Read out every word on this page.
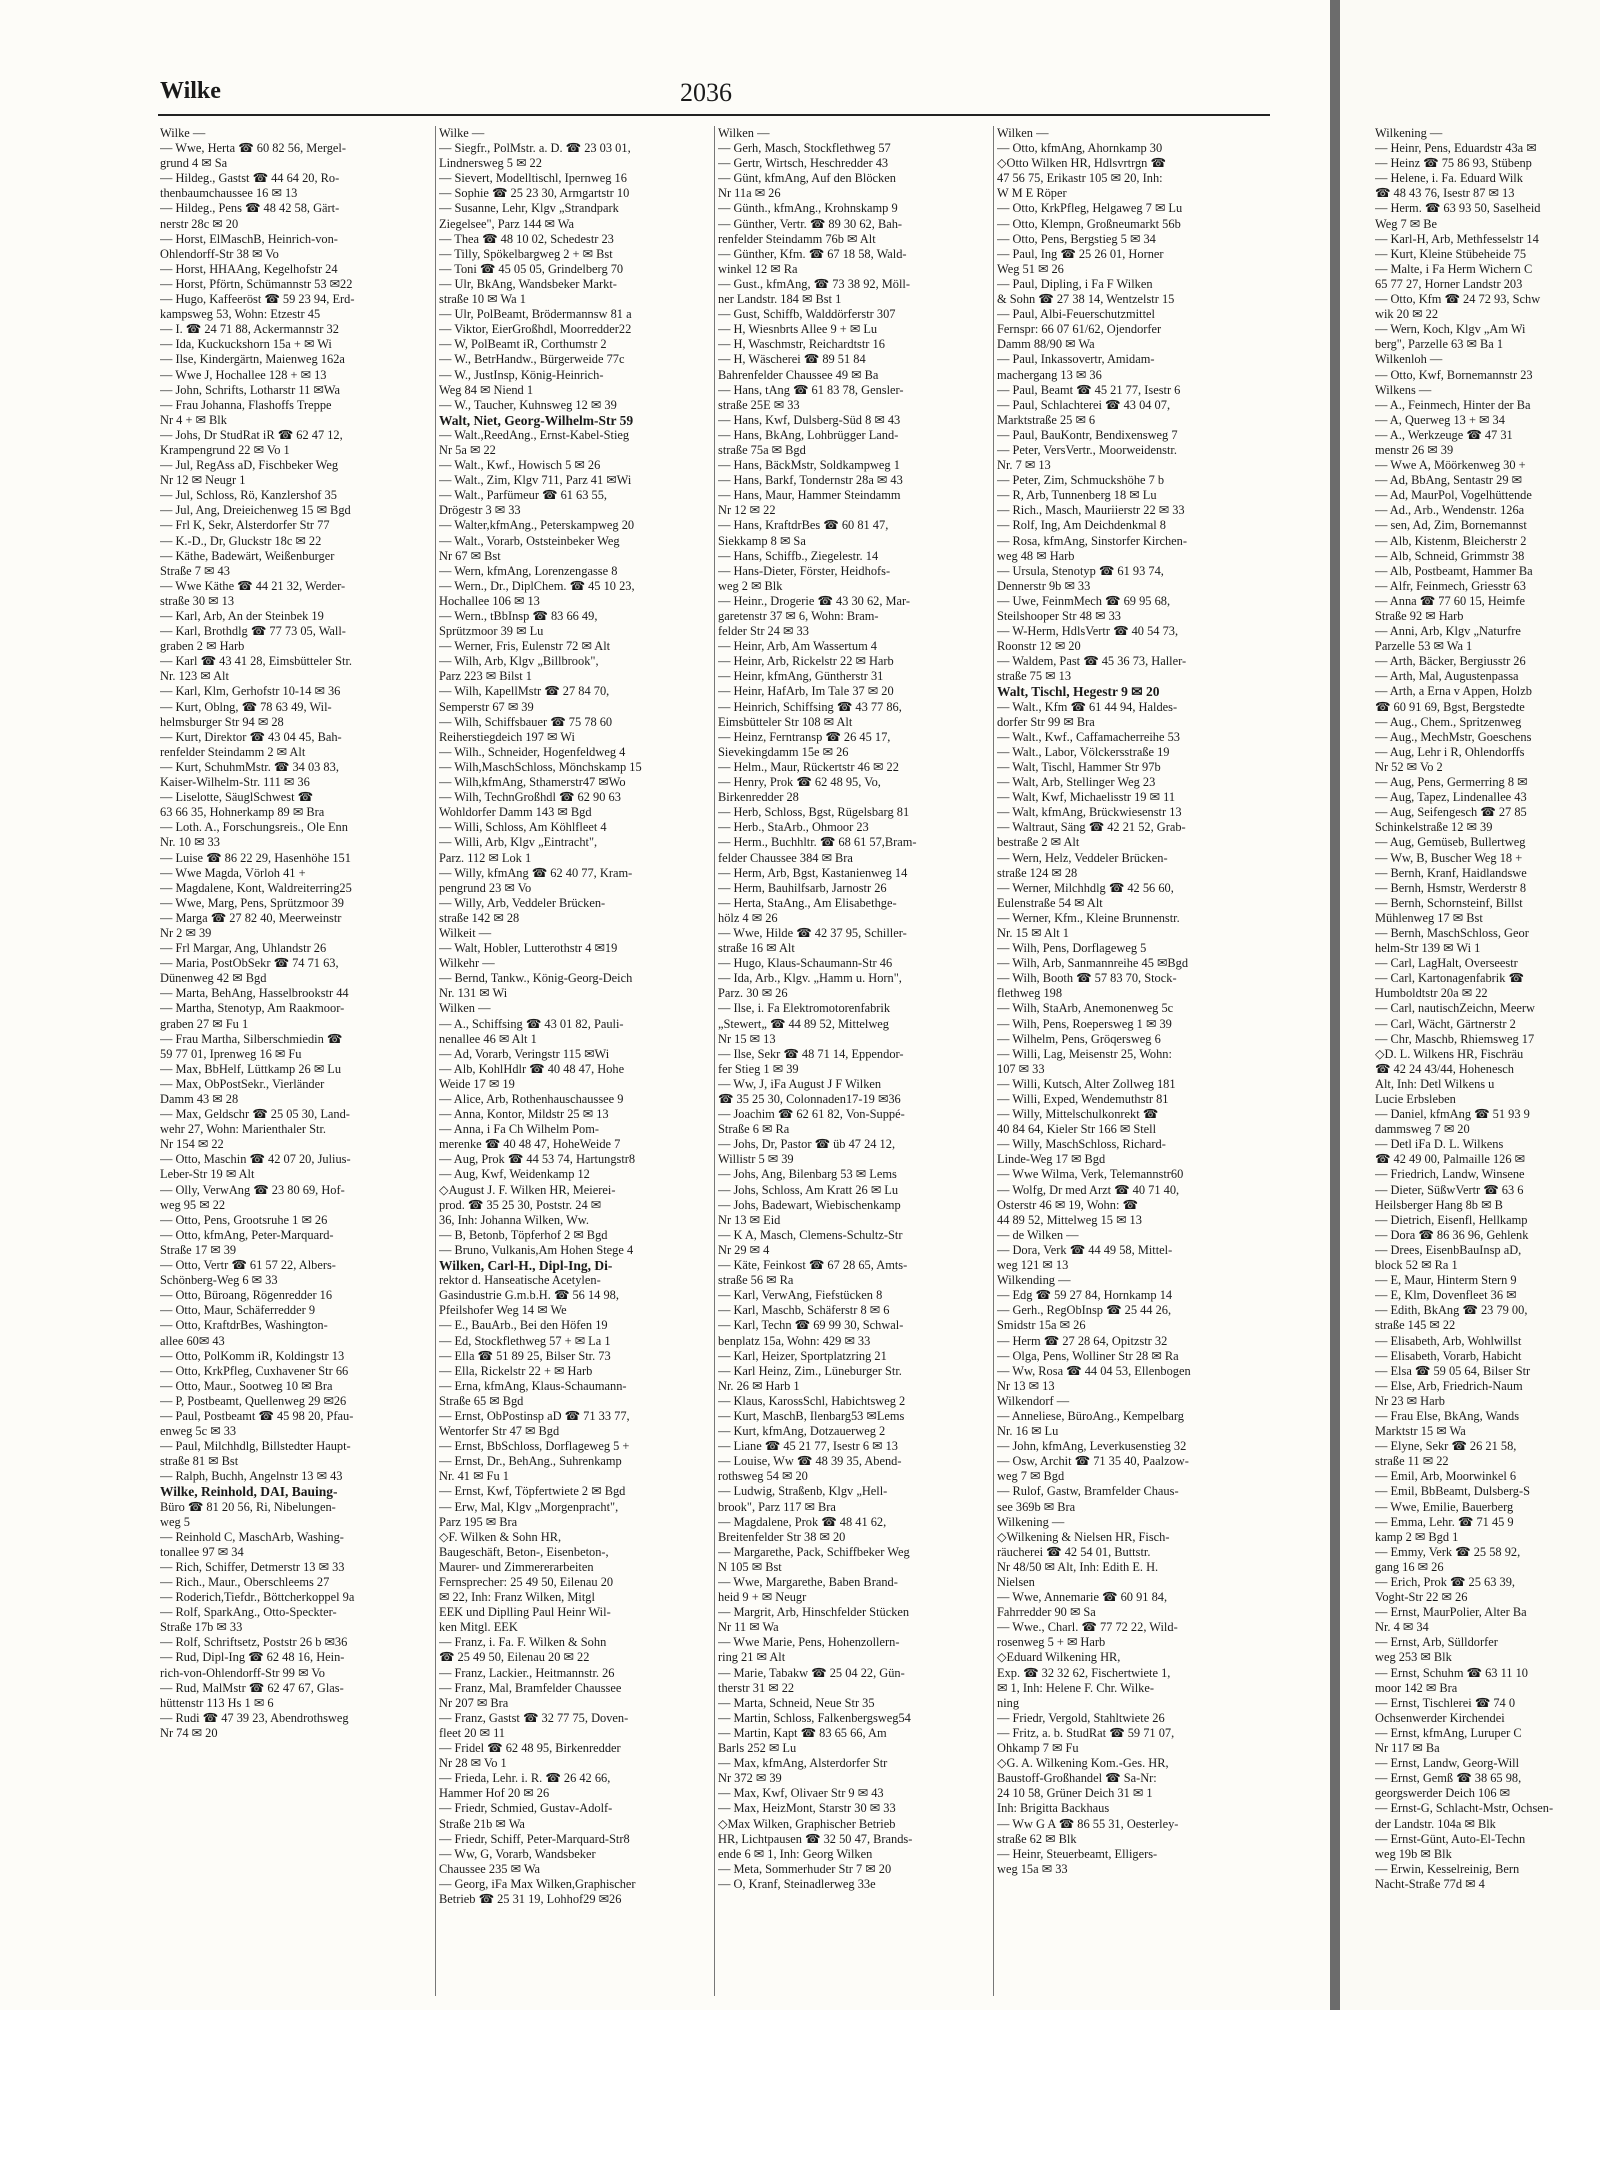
Wilke	2036
Wilke —
— Wwe, Herta ☎ 60 82 56, Mergel-
grund 4 ✉ Sa
— Hildeg., Gastst ☎ 44 64 20, Ro-
thenbaumchaussee 16 ✉ 13
— Hildeg., Pens ☎ 48 42 58, Gärt-
nerstr 28c ✉ 20
— Horst, ElMaschB, Heinrich-von-
Ohlendorff-Str 38 ✉ Vo
— Horst, HHAAng, Kegelhofstr 24
— Horst, Pförtn, Schümannstr 53 ✉22
— Hugo, Kaffeeröst ☎ 59 23 94, Erd-
kampsweg 53, Wohn: Etzestr 45
— I. ☎ 24 71 88, Ackermannstr 32
— Ida, Kuckuckshorn 15a + ✉ Wi
— Ilse, Kindergärtn, Maienweg 162a
— Wwe J, Hochallee 128 + ✉ 13
— John, Schrifts, Lotharstr 11 ✉Wa
— Frau Johanna, Flashoffs Treppe
Nr 4 + ✉ Blk
— Johs, Dr StudRat iR ☎ 62 47 12,
Krampengrund 22 ✉ Vo 1
— Jul, RegAss aD, Fischbeker Weg
Nr 12 ✉ Neugr 1
— Jul, Schloss, Rö, Kanzlershof 35
— Jul, Ang, Dreieichenweg 15 ✉ Bgd
— Frl K, Sekr, Alsterdorfer Str 77
— K.-D., Dr, Gluckstr 18c ✉ 22
— Käthe, Badewärt, Weißenburger
Straße 7 ✉ 43
— Wwe Käthe ☎ 44 21 32, Werder-
straße 30 ✉ 13
— Karl, Arb, An der Steinbek 19
— Karl, Brothdlg ☎ 77 73 05, Wall-
graben 2 ✉ Harb
— Karl ☎ 43 41 28, Eimsbütteler Str.
Nr. 123 ✉ Alt
— Karl, Klm, Gerhofstr 10-14 ✉ 36
— Kurt, Oblng, ☎ 78 63 49, Wil-
helmsburger Str 94 ✉ 28
— Kurt, Direktor ☎ 43 04 45, Bah-
renfelder Steindamm 2 ✉ Alt
— Kurt, SchuhmMstr. ☎ 34 03 83,
Kaiser-Wilhelm-Str. 111 ✉ 36
— Liselotte, SäuglSchwest ☎
63 66 35, Hohnerkamp 89 ✉ Bra
— Loth. A., Forschungsreis., Ole Enn
Nr. 10 ✉ 33
— Luise ☎ 86 22 29, Hasenhöhe 151
— Wwe Magda, Vörloh 41 +
— Magdalene, Kont, Waldreiterring25
— Wwe, Marg, Pens, Sprützmoor 39
— Marga ☎ 27 82 40, Meerweinstr
Nr 2 ✉ 39
— Frl Margar, Ang, Uhlandstr 26
— Maria, PostObSekr ☎ 74 71 63,
Dünenweg 42 ✉ Bgd
— Marta, BehAng, Hasselbrookstr 44
— Martha, Stenotyp, Am Raakmoor-
graben 27 ✉ Fu 1
— Frau Martha, Silberschmiedin ☎
59 77 01, Iprenweg 16 ✉ Fu
— Max, BbHelf, Lüttkamp 26 ✉ Lu
— Max, ObPostSekr., Vierländer
Damm 43 ✉ 28
— Max, Geldschr ☎ 25 05 30, Land-
wehr 27, Wohn: Marienthaler Str.
Nr 154 ✉ 22
— Otto, Maschin ☎ 42 07 20, Julius-
Leber-Str 19 ✉ Alt
— Olly, VerwAng ☎ 23 80 69, Hof-
weg 95 ✉ 22
— Otto, Pens, Grootsruhe 1 ✉ 26
— Otto, kfmAng, Peter-Marquard-
Straße 17 ✉ 39
— Otto, Vertr ☎ 61 57 22, Albers-
Schönberg-Weg 6 ✉ 33
— Otto, Büroang, Rögenredder 16
— Otto, Maur, Schäferredder 9
— Otto, KraftdrBes, Washington-
allee 60✉ 43
— Otto, PolKomm iR, Koldingstr 13
— Otto, KrkPfleg, Cuxhavener Str 66
— Otto, Maur., Sootweg 10 ✉ Bra
— P, Postbeamt, Quellenweg 29 ✉26
— Paul, Postbeamt ☎ 45 98 20, Pfau-
enweg 5c ✉ 33
— Paul, Milchhdlg, Billstedter Haupt-
straße 81 ✉ Bst
— Ralph, Buchh, Angelnstr 13 ✉ 43
Wilke, Reinhold, DAI, Bauing-
Büro ☎ 81 20 56, Ri, Nibelungen-
weg 5
— Reinhold C, MaschArb, Washing-
tonallee 97 ✉ 34
— Rich, Schiffer, Detmerstr 13 ✉ 33
— Rich., Maur., Oberschleems 27
— Roderich,Tiefdr., Böttcherkoppel 9a
— Rolf, SparkAng., Otto-Speckter-
Straße 17b ✉ 33
— Rolf, Schriftsetz, Poststr 26 b ✉36
— Rud, Dipl-Ing ☎ 62 48 16, Hein-
rich-von-Ohlendorff-Str 99 ✉ Vo
— Rud, MalMstr ☎ 62 47 67, Glas-
hüttenstr 113 Hs 1 ✉ 6
— Rudi ☎ 47 39 23, Abendrothsweg
Nr 74 ✉ 20
Wilke —
— Siegfr., PolMstr. a. D. ☎ 23 03 01,
Lindnersweg 5 ✉ 22
— Sievert, Modelltischl, Ipernweg 16
— Sophie ☎ 25 23 30, Armgartstr 10
— Susanne, Lehr, Klgv „Strandpark
Ziegelsee", Parz 144 ✉ Wa
— Thea ☎ 48 10 02, Schedestr 23
— Tilly, Spökelbargweg 2 + ✉ Bst
— Toni ☎ 45 05 05, Grindelberg 70
— Ulr, BkAng, Wandsbeker Markt-
straße 10 ✉ Wa 1
— Ulr, PolBeamt, Brödermannsw 81 a
— Viktor, EierGroßhdl, Moorredder22
— W, PolBeamt iR, Corthumstr 2
— W., BetrHandw., Bürgerweide 77c
— W., JustInsp, König-Heinrich-
Weg 84 ✉ Niend 1
— W., Taucher, Kuhnsweg 12 ✉ 39
Walt, Niet, Georg-Wilhelm-Str 59
— Walt.,ReedAng., Ernst-Kabel-Stieg
Nr 5a ✉ 22
— Walt., Kwf., Howisch 5 ✉ 26
— Walt., Zim, Klgv 711, Parz 41 ✉Wi
— Walt., Parfümeur ☎ 61 63 55,
Drögestr 3 ✉ 33
— Walter,kfmAng., Peterskampweg 20
— Walt., Vorarb, Oststeinbeker Weg
Nr 67 ✉ Bst
— Wern, kfmAng, Lorenzengasse 8
— Wern., Dr., DiplChem. ☎ 45 10 23,
Hochallee 106 ✉ 13
— Wern., tBbInsp ☎ 83 66 49,
Sprützmoor 39 ✉ Lu
— Werner, Fris, Eulenstr 72 ✉ Alt
— Wilh, Arb, Klgv „Billbrook",
Parz 223 ✉ Bilst 1
— Wilh, KapellMstr ☎ 27 84 70,
Semperstr 67 ✉ 39
— Wilh, Schiffsbauer ☎ 75 78 60
Reiherstiegdeich 197 ✉ Wi
— Wilh., Schneider, Hogenfeldweg 4
— Wilh,MaschSchloss, Mönchskamp 15
— Wilh,kfmAng, Sthamerstr47 ✉Wo
— Wilh, TechnGroßhdl ☎ 62 90 63
Wohldorfer Damm 143 ✉ Bgd
— Willi, Schloss, Am Köhlfleet 4
— Willi, Arb, Klgv „Eintracht",
Parz. 112 ✉ Lok 1
— Willy, kfmAng ☎ 62 40 77, Kram-
pengrund 23 ✉ Vo
— Willy, Arb, Veddeler Brücken-
straße 142 ✉ 28
Wilkeit —
— Walt, Hobler, Lutterothstr 4 ✉19
Wilkehr —
— Bernd, Tankw., König-Georg-Deich
Nr. 131 ✉ Wi
Wilken —
— A., Schiffsing ☎ 43 01 82, Pauli-
nenallee 46 ✉ Alt 1
— Ad, Vorarb, Veringstr 115 ✉Wi
— Alb, KohlHdlr ☎ 40 48 47, Hohe
Weide 17 ✉ 19
— Alice, Arb, Rothenhauschaussee 9
— Anna, Kontor, Mildstr 25 ✉ 13
— Anna, i Fa Ch Wilhelm Pom-
merenke ☎ 40 48 47, HoheWeide 7
— Aug, Prok ☎ 44 53 74, Hartungstr8
— Aug, Kwf, Weidenkamp 12
◇August J. F. Wilken HR, Meierei-
prod. ☎ 35 25 30, Poststr. 24 ✉
36, Inh: Johanna Wilken, Ww.
— B, Betonb, Töpferhof 2 ✉ Bgd
— Bruno, Vulkanis,Am Hohen Stege 4
Wilken, Carl-H., Dipl-Ing, Di-
rektor d. Hanseatische Acetylen-
Gasindustrie G.m.b.H. ☎ 56 14 98,
Pfeilshofer Weg 14 ✉ We
— E., BauArb., Bei den Höfen 19
— Ed, Stockflethweg 57 + ✉ La 1
— Ella ☎ 51 89 25, Bilser Str. 73
— Ella, Rickelstr 22 + ✉ Harb
— Erna, kfmAng, Klaus-Schaumann-
Straße 65 ✉ Bgd
— Ernst, ObPostinsp aD ☎ 71 33 77,
Wentorfer Str 47 ✉ Bgd
— Ernst, BbSchloss, Dorflageweg 5 +
— Ernst, Dr., BehAng., Suhrenkamp
Nr. 41 ✉ Fu 1
— Ernst, Kwf, Töpfertwiete 2 ✉ Bgd
— Erw, Mal, Klgv „Morgenpracht",
Parz 195 ✉ Bra
◇F. Wilken & Sohn HR,
Baugeschäft, Beton-, Eisenbeton-,
Maurer- und Zimmererarbeiten
Fernsprecher: 25 49 50, Eilenau 20
✉ 22, Inh: Franz Wilken, Mitgl
EEK und Diplling Paul Heinr Wil-
ken Mitgl. EEK
— Franz, i. Fa. F. Wilken & Sohn
☎ 25 49 50, Eilenau 20 ✉ 22
— Franz, Lackier., Heitmannstr. 26
— Franz, Mal, Bramfelder Chaussee
Nr 207 ✉ Bra
— Franz, Gastst ☎ 32 77 75, Doven-
fleet 20 ✉ 11
— Fridel ☎ 62 48 95, Birkenredder
Nr 28 ✉ Vo 1
— Frieda, Lehr. i. R. ☎ 26 42 66,
Hammer Hof 20 ✉ 26
— Friedr, Schmied, Gustav-Adolf-
Straße 21b ✉ Wa
— Friedr, Schiff, Peter-Marquard-Str8
— Ww, G, Vorarb, Wandsbeker
Chaussee 235 ✉ Wa
— Georg, iFa Max Wilken,Graphischer
Betrieb ☎ 25 31 19, Lohhof29 ✉26
Wilken —
— Gerh, Masch, Stockflethweg 57
— Gertr, Wirtsch, Heschredder 43
— Günt, kfmAng, Auf den Blöcken
Nr 11a ✉ 26
— Günth., kfmAng., Krohnskamp 9
— Günther, Vertr. ☎ 89 30 62, Bah-
renfelder Steindamm 76b ✉ Alt
— Günther, Kfm. ☎ 67 18 58, Wald-
winkel 12 ✉ Ra
— Gust., kfmAng, ☎ 73 38 92, Möll-
ner Landstr. 184 ✉ Bst 1
— Gust, Schiffb, Walddörferstr 307
— H, Wiesnbrts Allee 9 + ✉ Lu
— H, Waschmstr, Reichardtstr 16
— H, Wäscherei ☎ 89 51 84
Bahrenfelder Chaussee 49 ✉ Ba
— Hans, tAng ☎ 61 83 78, Gensler-
straße 25E ✉ 33
— Hans, Kwf, Dulsberg-Süd 8 ✉ 43
— Hans, BkAng, Lohbrügger Land-
straße 75a ✉ Bgd
— Hans, BäckMstr, Soldkampweg 1
— Hans, Barkf, Tondernstr 28a ✉ 43
— Hans, Maur, Hammer Steindamm
Nr 12 ✉ 22
— Hans, KraftdrBes ☎ 60 81 47,
Siekkamp 8 ✉ Sa
— Hans, Schiffb., Ziegelestr. 14
— Hans-Dieter, Förster, Heidhofs-
weg 2 ✉ Blk
— Heinr., Drogerie ☎ 43 30 62, Mar-
garetenstr 37 ✉ 6, Wohn: Bram-
felder Str 24 ✉ 33
— Heinr, Arb, Am Wassertum 4
— Heinr, Arb, Rickelstr 22 ✉ Harb
— Heinr, kfmAng, Güntherstr 31
— Heinr, HafArb, Im Tale 37 ✉ 20
— Heinrich, Schiffsing ☎ 43 77 86,
Eimsbütteler Str 108 ✉ Alt
— Heinz, Ferntransp ☎ 26 45 17,
Sievekingdamm 15e ✉ 26
— Helm., Maur, Rückertstr 46 ✉ 22
— Henry, Prok ☎ 62 48 95, Vo,
Birkenredder 28
— Herb, Schloss, Bgst, Rügelsbarg 81
— Herb., StaArb., Ohmoor 23
— Herm., Buchhltr. ☎ 68 61 57,Bram-
felder Chaussee 384 ✉ Bra
— Herm, Arb, Bgst, Kastanienweg 14
— Herm, Bauhilfsarb, Jarnostr 26
— Herta, StaAng., Am Elisabethge-
hölz 4 ✉ 26
— Wwe, Hilde ☎ 42 37 95, Schiller-
straße 16 ✉ Alt
— Hugo, Klaus-Schaumann-Str 46
— Ida, Arb., Klgv. „Hamm u. Horn",
Parz. 30 ✉ 26
— Ilse, i. Fa Elektromotorenfabrik
„Stewert„ ☎ 44 89 52, Mittelweg
Nr 15 ✉ 13
— Ilse, Sekr ☎ 48 71 14, Eppendor-
fer Stieg 1 ✉ 39
— Ww, J, iFa August J F Wilken
☎ 35 25 30, Colonnaden17-19 ✉36
— Joachim ☎ 62 61 82, Von-Suppé-
Straße 6 ✉ Ra
— Johs, Dr, Pastor ☎ üb 47 24 12,
Willistr 5 ✉ 39
— Johs, Ang, Bilenbarg 53 ✉ Lems
— Johs, Schloss, Am Kratt 26 ✉ Lu
— Johs, Badewart, Wiebischenkamp
Nr 13 ✉ Eid
— K A, Masch, Clemens-Schultz-Str
Nr 29 ✉ 4
— Käte, Feinkost ☎ 67 28 65, Amts-
straße 56 ✉ Ra
— Karl, VerwAng, Fiefstücken 8
— Karl, Maschb, Schäferstr 8 ✉ 6
— Karl, Techn ☎ 69 99 30, Schwal-
benplatz 15a, Wohn: 429 ✉ 33
— Karl, Heizer, Sportplatzring 21
— Karl Heinz, Zim., Lüneburger Str.
Nr. 26 ✉ Harb 1
— Klaus, KarossSchl, Habichtsweg 2
— Kurt, MaschB, Ilenbarg53 ✉Lems
— Kurt, kfmAng, Dotzauerweg 2
— Liane ☎ 45 21 77, Isestr 6 ✉ 13
— Louise, Ww ☎ 48 39 35, Abend-
rothsweg 54 ✉ 20
— Ludwig, Straßenb, Klgv „Hell-
brook", Parz 117 ✉ Bra
— Magdalene, Prok ☎ 48 41 62,
Breitenfelder Str 38 ✉ 20
— Margarethe, Pack, Schiffbeker Weg
N 105 ✉ Bst
— Wwe, Margarethe, Baben Brand-
heid 9 + ✉ Neugr
— Margrit, Arb, Hinschfelder Stücken
Nr 11 ✉ Wa
— Wwe Marie, Pens, Hohenzollern-
ring 21 ✉ Alt
— Marie, Tabakw ☎ 25 04 22, Gün-
therstr 31 ✉ 22
— Marta, Schneid, Neue Str 35
— Martin, Schloss, Falkenbergsweg54
— Martin, Kapt ☎ 83 65 66, Am
Barls 252 ✉ Lu
— Max, kfmAng, Alsterdorfer Str
Nr 372 ✉ 39
— Max, Kwf, Olivaer Str 9 ✉ 43
— Max, HeizMont, Starstr 30 ✉ 33
◇Max Wilken, Graphischer Betrieb
HR, Lichtpausen ☎ 32 50 47, Brands-
ende 6 ✉ 1, Inh: Georg Wilken
— Meta, Sommerhuder Str 7 ✉ 20
— O, Kranf, Steinadlerweg 33e
Wilken —
— Otto, kfmAng, Ahornkamp 30
◇Otto Wilken HR, Hdlsvrtrgn ☎
47 56 75, Erikastr 105 ✉ 20, Inh:
W M E Röper
— Otto, KrkPfleg, Helgaweg 7 ✉ Lu
— Otto, Klempn, Großneumarkt 56b
— Otto, Pens, Bergstieg 5 ✉ 34
— Paul, Ing ☎ 25 26 01, Horner
Weg 51 ✉ 26
— Paul, Dipling, i Fa F Wilken
& Sohn ☎ 27 38 14, Wentzelstr 15
— Paul, Albi-Feuerschutzmittel
Fernspr: 66 07 61/62, Ojendorfer
Damm 88/90 ✉ Wa
— Paul, Inkassovertr, Amidam-
machergang 13 ✉ 36
— Paul, Beamt ☎ 45 21 77, Isestr 6
— Paul, Schlachterei ☎ 43 04 07,
Marktstraße 25 ✉ 6
— Paul, BauKontr, Bendixensweg 7
— Peter, VersVertr., Moorweidenstr.
Nr. 7 ✉ 13
— Peter, Zim, Schmuckshöhe 7 b
— R, Arb, Tunnenberg 18 ✉ Lu
— Rich., Masch, Mauriierstr 22 ✉ 33
— Rolf, Ing, Am Deichdenkmal 8
— Rosa, kfmAng, Sinstorfer Kirchen-
weg 48 ✉ Harb
— Ursula, Stenotyp ☎ 61 93 74,
Dennerstr 9b ✉ 33
— Uwe, FeinmMech ☎ 69 95 68,
Steilshooper Str 48 ✉ 33
— W-Herm, HdlsVertr ☎ 40 54 73,
Roonstr 12 ✉ 20
— Waldem, Past ☎ 45 36 73, Haller-
straße 75 ✉ 13
Walt, Tischl, Hegestr 9 ✉ 20
— Walt., Kfm ☎ 61 44 94, Haldes-
dorfer Str 99 ✉ Bra
— Walt., Kwf., Caffamacherreihe 53
— Walt., Labor, Völckersstraße 19
— Walt, Tischl, Hammer Str 97b
— Walt, Arb, Stellinger Weg 23
— Walt, Kwf, Michaelisstr 19 ✉ 11
— Walt, kfmAng, Brückwiesenstr 13
— Waltraut, Säng ☎ 42 21 52, Grab-
bestraße 2 ✉ Alt
— Wern, Helz, Veddeler Brücken-
straße 124 ✉ 28
— Werner, Milchhdlg ☎ 42 56 60,
Eulenstraße 54 ✉ Alt
— Werner, Kfm., Kleine Brunnenstr.
Nr. 15 ✉ Alt 1
— Wilh, Pens, Dorflageweg 5
— Wilh, Arb, Sanmannreihe 45 ✉Bgd
— Wilh, Booth ☎ 57 83 70, Stock-
flethweg 198
— Wilh, StaArb, Anemonenweg 5c
— Wilh, Pens, Roepersweg 1 ✉ 39
— Wilhelm, Pens, Gröqersweg 6
— Willi, Lag, Meisenstr 25, Wohn:
107 ✉ 33
— Willi, Kutsch, Alter Zollweg 181
— Willi, Exped, Wendemuthstr 81
— Willy, Mittelschulkonrekt ☎
40 84 64, Kieler Str 166 ✉ Stell
— Willy, MaschSchloss, Richard-
Linde-Weg 17 ✉ Bgd
— Wwe Wilma, Verk, Telemannstr60
— Wolfg, Dr med Arzt ☎ 40 71 40,
Osterstr 46 ✉ 19, Wohn: ☎
44 89 52, Mittelweg 15 ✉ 13
— de Wilken —
— Dora, Verk ☎ 44 49 58, Mittel-
weg 121 ✉ 13
Wilkending —
— Edg ☎ 59 27 84, Hornkamp 14
— Gerh., RegObInsp ☎ 25 44 26,
Smidstr 15a ✉ 26
— Herm ☎ 27 28 64, Opitzstr 32
— Olga, Pens, Wolliner Str 28 ✉ Ra
— Ww, Rosa ☎ 44 04 53, Ellenbogen
Nr 13 ✉ 13
Wilkendorf —
— Anneliese, BüroAng., Kempelbarg
Nr. 16 ✉ Lu
— John, kfmAng, Leverkusenstieg 32
— Osw, Archit ☎ 71 35 40, Paalzow-
weg 7 ✉ Bgd
— Rulof, Gastw, Bramfelder Chaus-
see 369b ✉ Bra
Wilkening —
◇Wilkening & Nielsen HR, Fisch-
räucherei ☎ 42 54 01, Buttstr.
Nr 48/50 ✉ Alt, Inh: Edith E. H.
Nielsen
— Wwe, Annemarie ☎ 60 91 84,
Fahrredder 90 ✉ Sa
— Wwe., Charl. ☎ 77 72 22, Wild-
rosenweg 5 + ✉ Harb
◇Eduard Wilkening HR,
Exp. ☎ 32 32 62, Fischertwiete 1,
✉ 1, Inh: Helene F. Chr. Wilke-
ning
— Friedr, Vergold, Stahltwiete 26
— Fritz, a. b. StudRat ☎ 59 71 07,
Ohkamp 7 ✉ Fu
◇G. A. Wilkening Kom.-Ges. HR,
Baustoff-Großhandel ☎ Sa-Nr:
24 10 58, Grüner Deich 31 ✉ 1
Inh: Brigitta Backhaus
— Ww G A ☎ 86 55 31, Oesterley-
straße 62 ✉ Blk
— Heinr, Steuerbeamt, Elligers-
weg 15a ✉ 33
Wilkening —
— Heinr, Pens, Eduardstr 43a ✉
— Heinz ☎ 75 86 93, Stübenp
— Helene, i. Fa. Eduard Wilk
☎ 48 43 76, Isestr 87 ✉ 13
— Herm. ☎ 63 93 50, Saselheid
Weg 7 ✉ Be
— Karl-H, Arb, Methfesselstr 14
— Kurt, Kleine Stübeheide 75
— Malte, i Fa Herm Wichern C
65 77 27, Horner Landstr 203
— Otto, Kfm ☎ 24 72 93, Schw
wik 20 ✉ 22
— Wern, Koch, Klgv „Am Wi
berg", Parzelle 63 ✉ Ba 1
Wilkenloh —
— Otto, Kwf, Bornemannstr 23
Wilkens —
— A., Feinmech, Hinter der Ba
— A, Querweg 13 + ✉ 34
— A., Werkzeuge ☎ 47 31
menstr 26 ✉ 39
— Wwe A, Möörkenweg 30 +
— Ad, BbAng, Sentastr 29 ✉
— Ad, MaurPol, Vogelhüttende
— Ad., Arb., Wendenstr. 126a
— sen, Ad, Zim, Bornemannst
— Alb, Kistenm, Bleicherstr 2
— Alb, Schneid, Grimmstr 38
— Alb, Postbeamt, Hammer Ba
— Alfr, Feinmech, Griesstr 63
— Anna ☎ 77 60 15, Heimfe
Straße 92 ✉ Harb
— Anni, Arb, Klgv „Naturfre
Parzelle 53 ✉ Wa 1
— Arth, Bäcker, Bergiusstr 26
— Arth, Mal, Augustenpassa
— Arth, a Erna v Appen, Holzb
☎ 60 91 69, Bgst, Bergstedte
— Aug., Chem., Spritzenweg
— Aug., MechMstr, Goeschens
— Aug, Lehr i R, Ohlendorffs
Nr 52 ✉ Vo 2
— Aug, Pens, Germerring 8 ✉
— Aug, Tapez, Lindenallee 43
— Aug, Seifengesch ☎ 27 85
Schinkelstraße 12 ✉ 39
— Aug, Gemüseb, Bullertweg
— Ww, B, Buscher Weg 18 +
— Bernh, Kranf, Haidlandswe
— Bernh, Hsmstr, Werderstr 8
— Bernh, Schornsteinf, Billst
Mühlenweg 17 ✉ Bst
— Bernh, MaschSchloss, Geor
helm-Str 139 ✉ Wi 1
— Carl, LagHalt, Overseestr
— Carl, Kartonagenfabrik ☎
Humboldtstr 20a ✉ 22
— Carl, nautischZeichn, Meerw
— Carl, Wächt, Gärtnerstr 2
— Chr, Maschb, Rhiemsweg 17
◇D. L. Wilkens HR, Fischräu
☎ 42 24 43/44, Hohenesch
Alt, Inh: Detl Wilkens u
Lucie Erbsleben
— Daniel, kfmAng ☎ 51 93 9
dammsweg 7 ✉ 20
— Detl iFa D. L. Wilkens
☎ 42 49 00, Palmaille 126 ✉
— Friedrich, Landw, Winsene
— Dieter, SüßwVertr ☎ 63 6
Heilsberger Hang 8b ✉ B
— Dietrich, Eisenfl, Hellkamp
— Dora ☎ 86 36 96, Gehlenk
— Drees, EisenbBauInsp aD,
block 52 ✉ Ra 1
— E, Maur, Hinterm Stern 9
— E, Klm, Dovenfleet 36 ✉
— Edith, BkAng ☎ 23 79 00,
straße 145 ✉ 22
— Elisabeth, Arb, Wohlwillst
— Elisabeth, Vorarb, Habicht
— Elsa ☎ 59 05 64, Bilser Str
— Else, Arb, Friedrich-Naum
Nr 23 ✉ Harb
— Frau Else, BkAng, Wands
Marktstr 15 ✉ Wa
— Elyne, Sekr ☎ 26 21 58,
straße 11 ✉ 22
— Emil, Arb, Moorwinkel 6
— Emil, BbBeamt, Dulsberg-S
— Wwe, Emilie, Bauerberg
— Emma, Lehr. ☎ 71 45 9
kamp 2 ✉ Bgd 1
— Emmy, Verk ☎ 25 58 92,
gang 16 ✉ 26
— Erich, Prok ☎ 25 63 39,
Voght-Str 22 ✉ 26
— Ernst, MaurPolier, Alter Ba
Nr. 4 ✉ 34
— Ernst, Arb, Sülldorfer
weg 253 ✉ Blk
— Ernst, Schuhm ☎ 63 11 10
moor 142 ✉ Bra
— Ernst, Tischlerei ☎ 74 0
Ochsenwerder Kirchendei
— Ernst, kfmAng, Luruper C
Nr 117 ✉ Ba
— Ernst, Landw, Georg-Will
— Ernst, Gemß ☎ 38 65 98,
georgswerder Deich 106 ✉
— Ernst-G, Schlacht-Mstr, Ochsen-
der Landstr. 104a ✉ Blk
— Ernst-Günt, Auto-El-Techn
weg 19b ✉ Blk
— Erwin, Kesselreinig, Bern
Nacht-Straße 77d ✉ 4
